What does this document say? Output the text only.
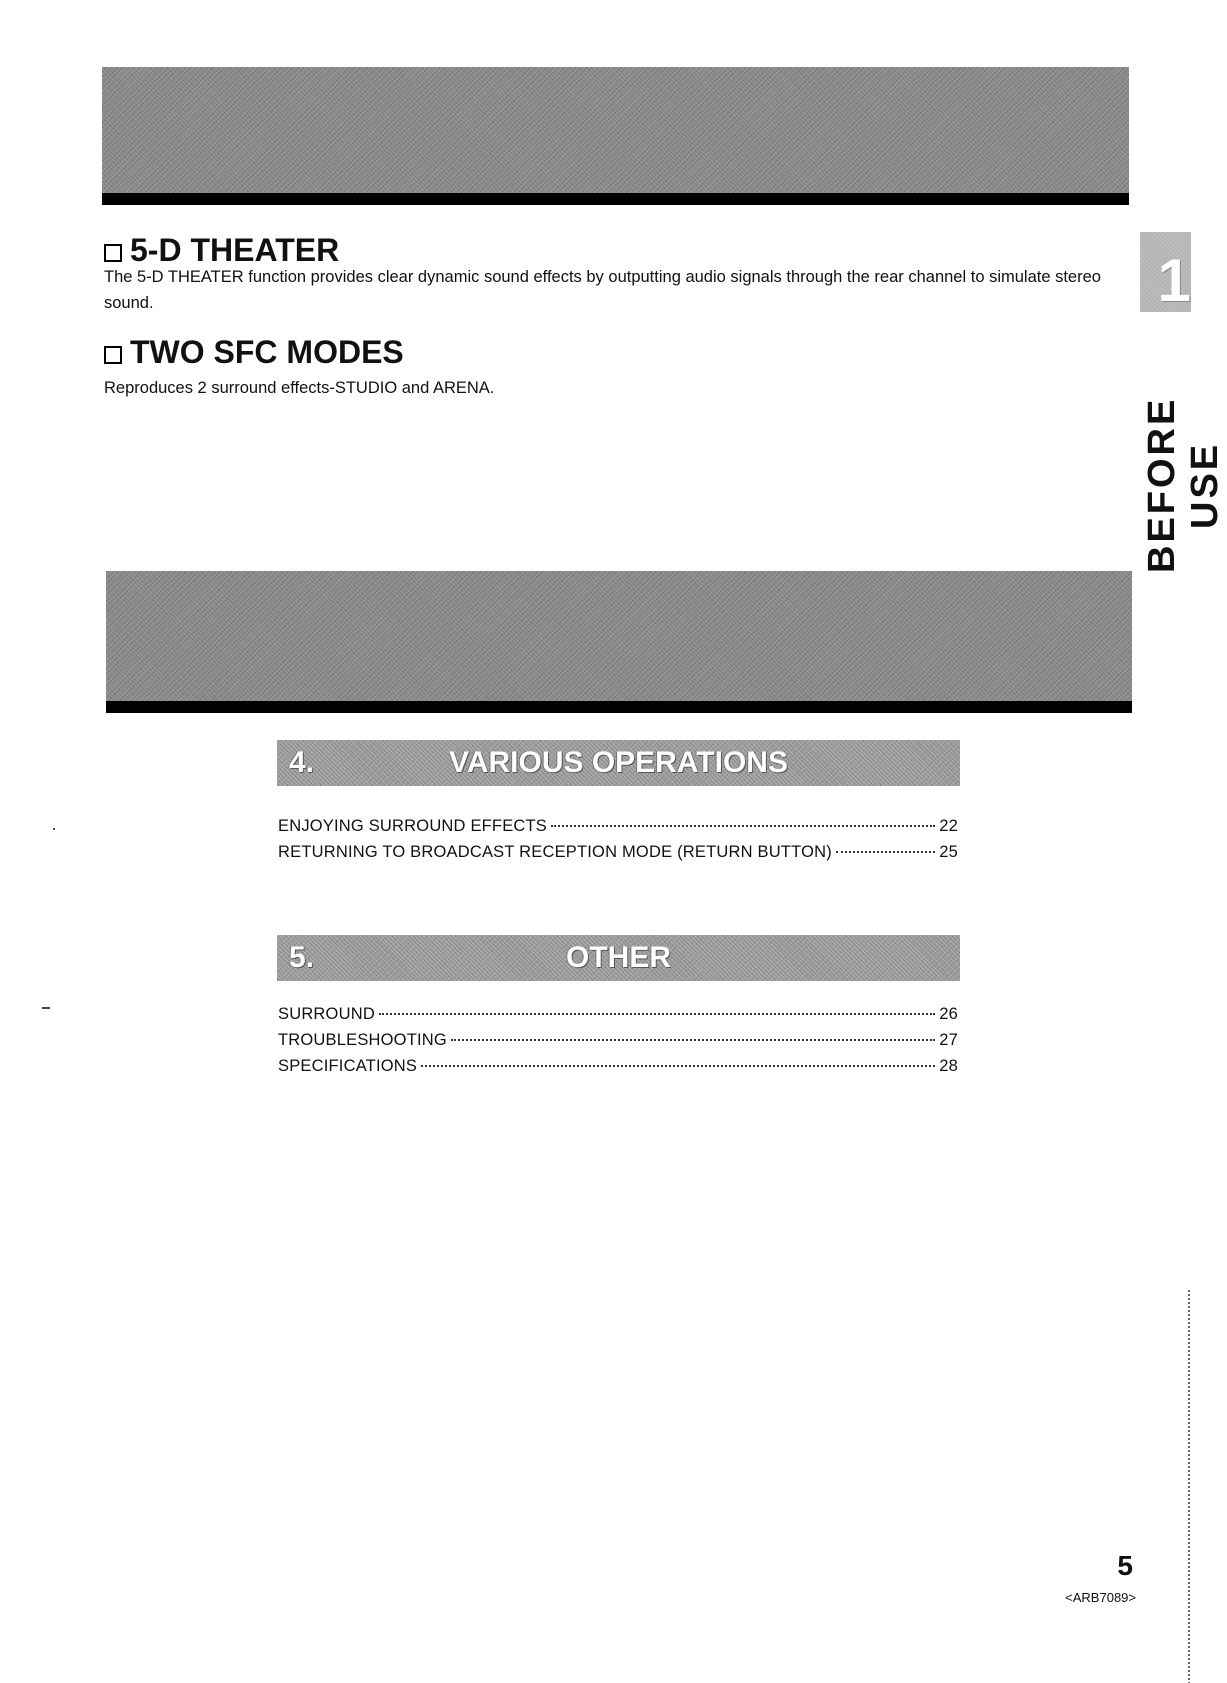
5-D THEATER

The 5-D THEATER function provides clear dynamic sound effects by outputting audio signals through the rear channel to simulate stereo sound.

TWO SFC MODES

Reproduces 2 surround effects-STUDIO and ARENA.

4.	VARIOUS OPERATIONS
ENJOYING SURROUND EFFECTS	22
RETURNING TO BROADCAST RECEPTION MODE (RETURN BUTTON)	25
5.	OTHER
SURROUND	26
TROUBLESHOOTING	27
SPECIFICATIONS	28
1
BEFORE USE
5
<ARB7089>
